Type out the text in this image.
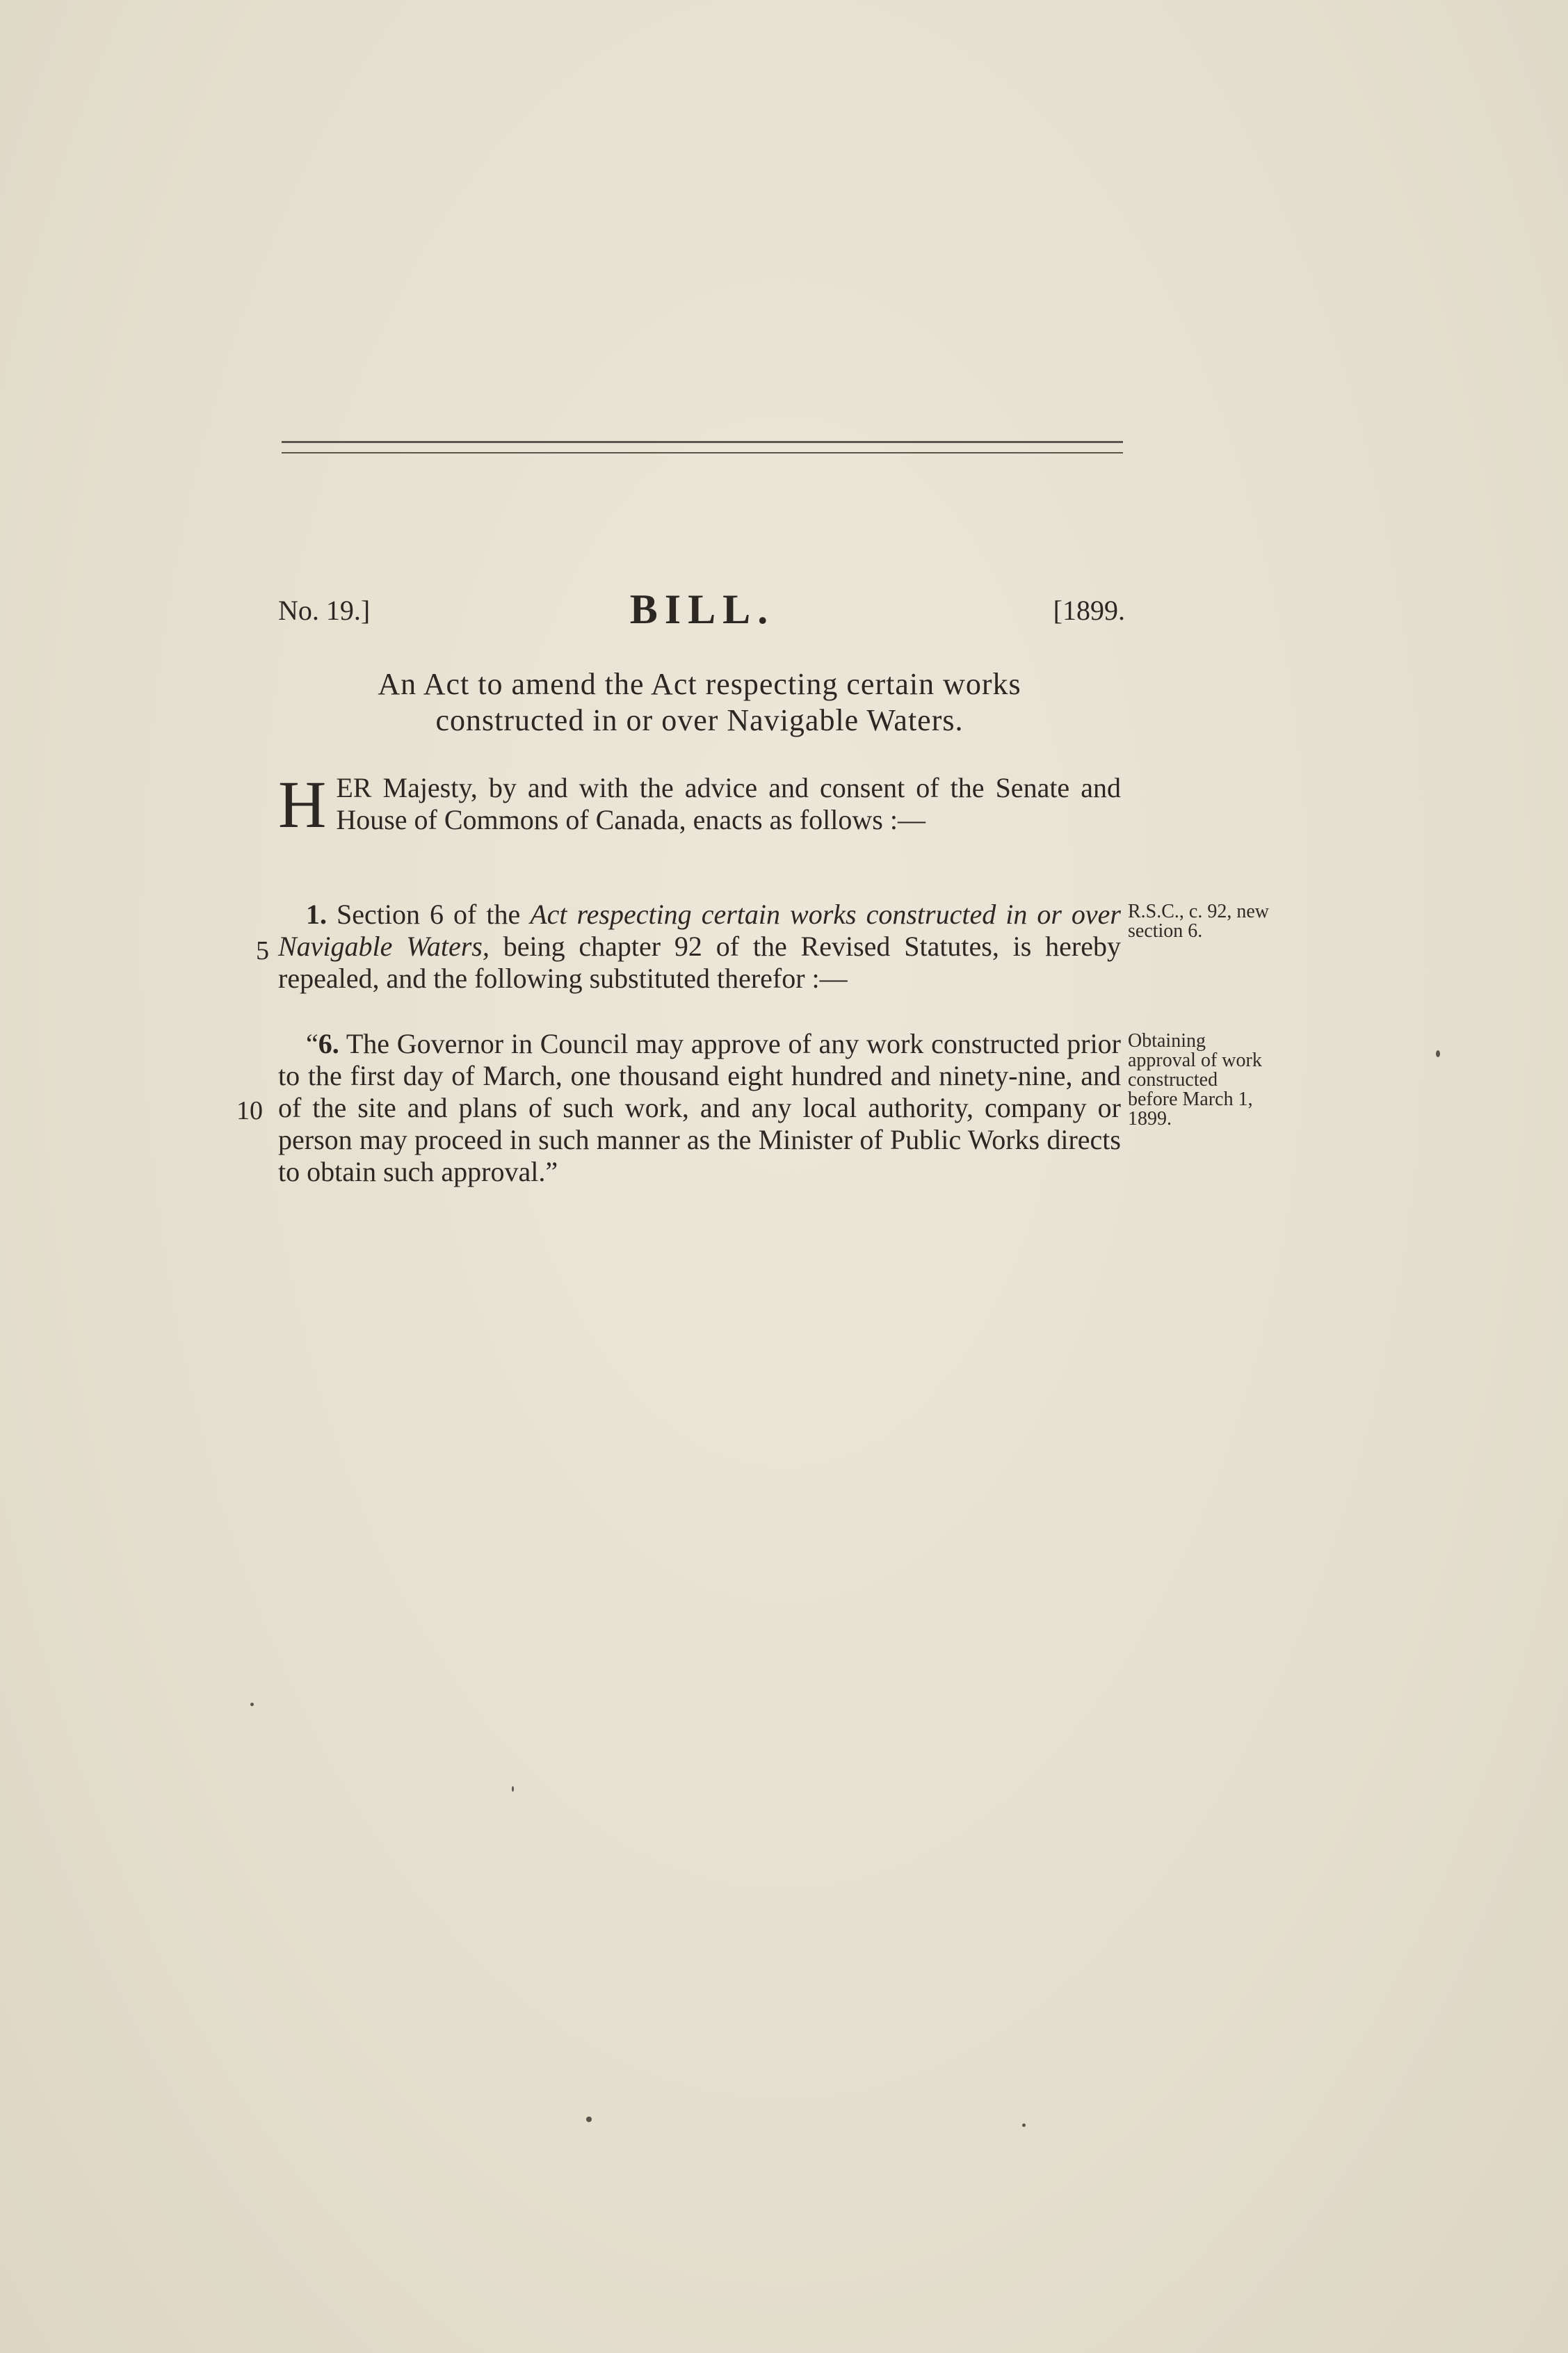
No. 19.]	BILL.	[1899.
An Act to amend the Act respecting certain works
constructed in or over Navigable Waters.
HER Majesty, by and with the advice and consent of the Senate and House of Commons of Canada, enacts as follows :—
1. Section 6 of the Act respecting certain works constructed in or over Navigable Waters, being chapter 92 of the Revised Statutes, is hereby repealed, and the following substituted therefor :—
“6. The Governor in Council may approve of any work constructed prior to the first day of March, one thousand eight hundred and ninety-nine, and of the site and plans of such work, and any local authority, company or person may proceed in such manner as the Minister of Public Works directs to obtain such approval.”
5
10
R.S.C., c. 92, new section 6.
Obtaining approval of work constructed before March 1, 1899.
